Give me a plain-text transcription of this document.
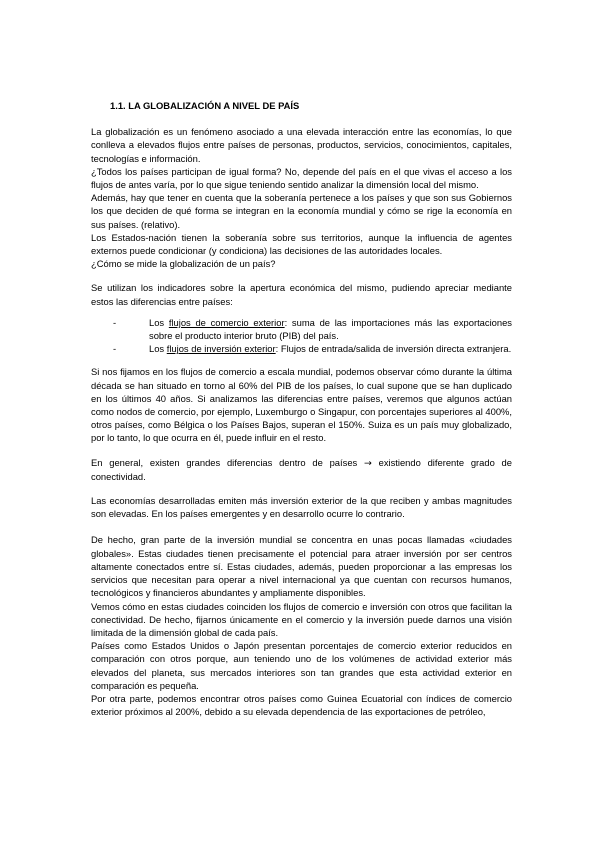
1.1. LA GLOBALIZACIÓN A NIVEL DE PAÍS

La globalización es un fenómeno asociado a una elevada interacción entre las economías, lo que conlleva a elevados flujos entre países de personas, productos, servicios, conocimientos, capitales, tecnologías e información.

¿Todos los países participan de igual forma? No, depende del país en el que vivas el acceso a los flujos de antes varía, por lo que sigue teniendo sentido analizar la dimensión local del mismo.

Además, hay que tener en cuenta que la soberanía pertenece a los países y que son sus Gobiernos los que deciden de qué forma se integran en la economía mundial y cómo se rige la economía en sus países. (relativo).

Los Estados-nación tienen la soberanía sobre sus territorios, aunque la influencia de agentes externos puede condicionar (y condiciona) las decisiones de las autoridades locales.

¿Cómo se mide la globalización de un país?

Se utilizan los indicadores sobre la apertura económica del mismo, pudiendo apreciar mediante estos las diferencias entre países:

-	Los flujos de comercio exterior: suma de las importaciones más las exportaciones sobre el producto interior bruto (PIB) del país.
-	Los flujos de inversión exterior: Flujos de entrada/salida de inversión directa extranjera.

Si nos fijamos en los flujos de comercio a escala mundial, podemos observar cómo durante la última década se han situado en torno al 60% del PIB de los países, lo cual supone que se han duplicado en los últimos 40 años. Si analizamos las diferencias entre países, veremos que algunos actúan como nodos de comercio, por ejemplo, Luxemburgo o Singapur, con porcentajes superiores al 400%, otros países, como Bélgica o los Países Bajos, superan el 150%. Suiza es un país muy globalizado, por lo tanto, lo que ocurra en él, puede influir en el resto.

En general, existen grandes diferencias dentro de países → existiendo diferente grado de conectividad.

Las economías desarrolladas emiten más inversión exterior de la que reciben y ambas magnitudes son elevadas. En los países emergentes y en desarrollo ocurre lo contrario.

De hecho, gran parte de la inversión mundial se concentra en unas pocas llamadas «ciudades globales». Estas ciudades tienen precisamente el potencial para atraer inversión por ser centros altamente conectados entre sí. Estas ciudades, además, pueden proporcionar a las empresas los servicios que necesitan para operar a nivel internacional ya que cuentan con recursos humanos, tecnológicos y financieros abundantes y ampliamente disponibles.

Vemos cómo en estas ciudades coinciden los flujos de comercio e inversión con otros que facilitan la conectividad. De hecho, fijarnos únicamente en el comercio y la inversión puede darnos una visión limitada de la dimensión global de cada país.

Países como Estados Unidos o Japón presentan porcentajes de comercio exterior reducidos en comparación con otros porque, aun teniendo uno de los volúmenes de actividad exterior más elevados del planeta, sus mercados interiores son tan grandes que esta actividad exterior en comparación es pequeña.

Por otra parte, podemos encontrar otros países como Guinea Ecuatorial con índices de comercio exterior próximos al 200%, debido a su elevada dependencia de las exportaciones de petróleo,
